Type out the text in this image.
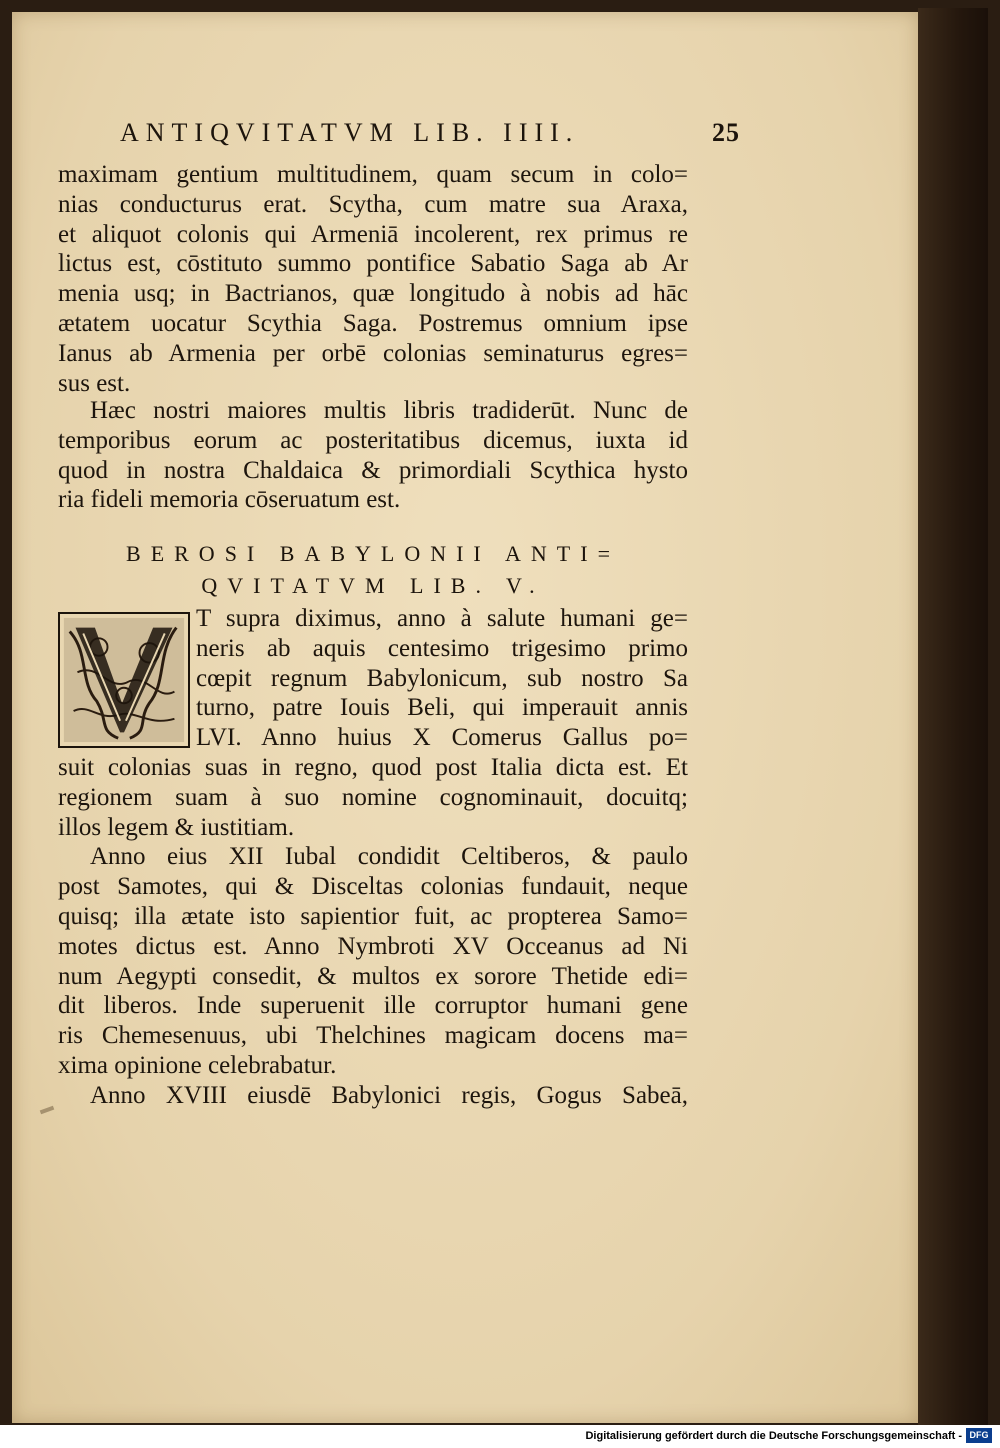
ANTIQVITATVM LIB. IIII.	25
maximam gentium multitudinem, quam secum in colo=
nias conducturus erat. Scytha, cum matre sua Araxa,
et aliquot colonis qui Armeniā incolerent, rex primus re
lictus est, cōstituto summo pontifice Sabatio Saga ab Ar
menia usq; in Bactrianos, quæ longitudo à nobis ad hāc
ætatem uocatur Scythia Saga. Postremus omnium ipse
Ianus ab Armenia per orbē colonias seminaturus egres=
sus est.
Hæc nostri maiores multis libris tradiderūt. Nunc de
temporibus eorum ac posteritatibus dicemus, iuxta id
quod in nostra Chaldaica & primordiali Scythica hysto
ria fideli memoria cōseruatum est.
BEROSI BABYLONII ANTI=
QVITATVM LIB. V.
T supra diximus, anno à salute humani ge=
neris ab aquis centesimo trigesimo primo
cœpit regnum Babylonicum, sub nostro Sa
turno, patre Iouis Beli, qui imperauit annis
LVI. Anno huius X Comerus Gallus po=
suit colonias suas in regno, quod post Italia dicta est. Et
regionem suam à suo nomine cognominauit, docuitq;
illos legem & iustitiam.
Anno eius XII Iubal condidit Celtiberos, & paulo
post Samotes, qui & Disceltas colonias fundauit, neque
quisq; illa ætate isto sapientior fuit, ac propterea Samo=
motes dictus est. Anno Nymbroti XV Occeanus ad Ni
num Aegypti consedit, & multos ex sorore Thetide edi=
dit liberos. Inde superuenit ille corruptor humani gene
ris Chemesenuus, ubi Thelchines magicam docens ma=
xima opinione celebrabatur.
Anno XVIII eiusdē Babylonici regis, Gogus Sabeā,
Digitalisierung gefördert durch die Deutsche Forschungsgemeinschaft - DFG
